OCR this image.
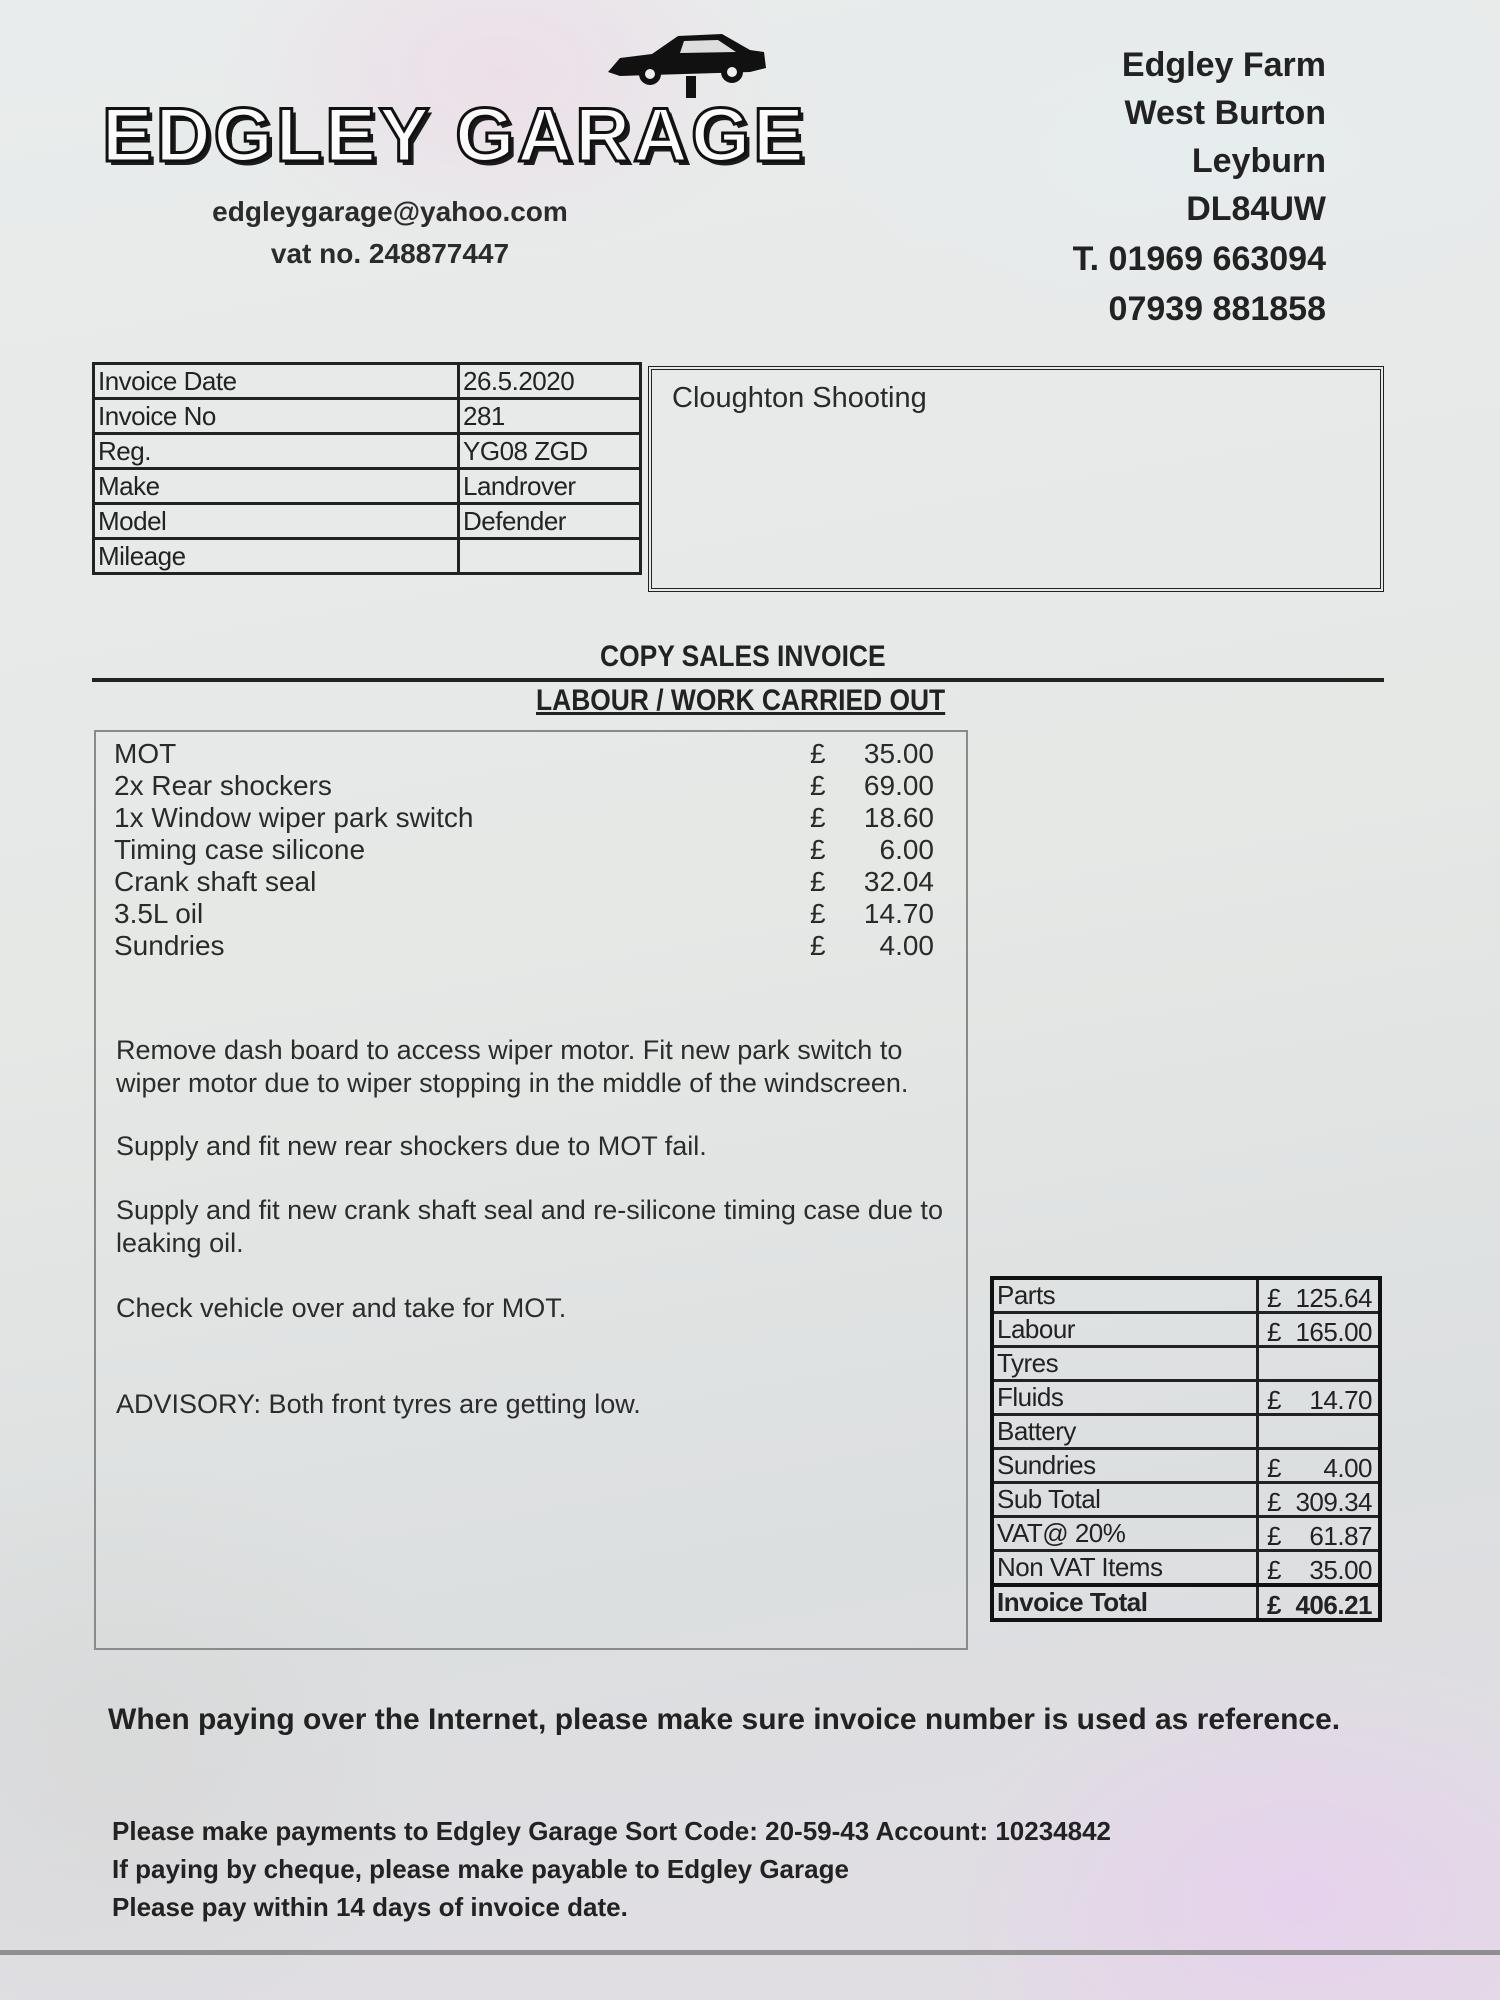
EDGLEY GARAGE
edgleygarage@yahoo.com
vat no. 248877447
Edgley Farm
West Burton
Leyburn
DL84UW
T. 01969 663094
07939 881858
Invoice Date	26.5.2020
Invoice No	281
Reg.	YG08 ZGD
Make	Landrover
Model	Defender
Mileage	
Cloughton Shooting
COPY SALES INVOICE
LABOUR / WORK CARRIED OUT
MOT	£	35.00
2x Rear shockers	£	69.00
1x Window wiper park switch	£	18.60
Timing case silicone	£	6.00
Crank shaft seal	£	32.04
3.5L oil	£	14.70
Sundries	£	4.00
Remove dash board to access wiper motor. Fit new park switch to wiper motor due to wiper stopping in the middle of the windscreen.
Supply and fit new rear shockers due to MOT fail.
Supply and fit new crank shaft seal and re-silicone timing case due to leaking oil.
Check vehicle over and take for MOT.
ADVISORY: Both front tyres are getting low.
Parts	£ 125.64

Labour	£ 165.00

Tyres	

Fluids	£ 14.70

Battery	

Sundries	£ 4.00

Sub Total	£ 309.34

VAT@ 20%	£ 61.87

Non VAT Items	£ 35.00

Invoice Total	£ 406.21
When paying over the Internet, please make sure invoice number is used as reference.
Please make payments to Edgley Garage Sort Code: 20-59-43 Account: 10234842
If paying by cheque, please make payable to Edgley Garage
Please pay within 14 days of invoice date.
